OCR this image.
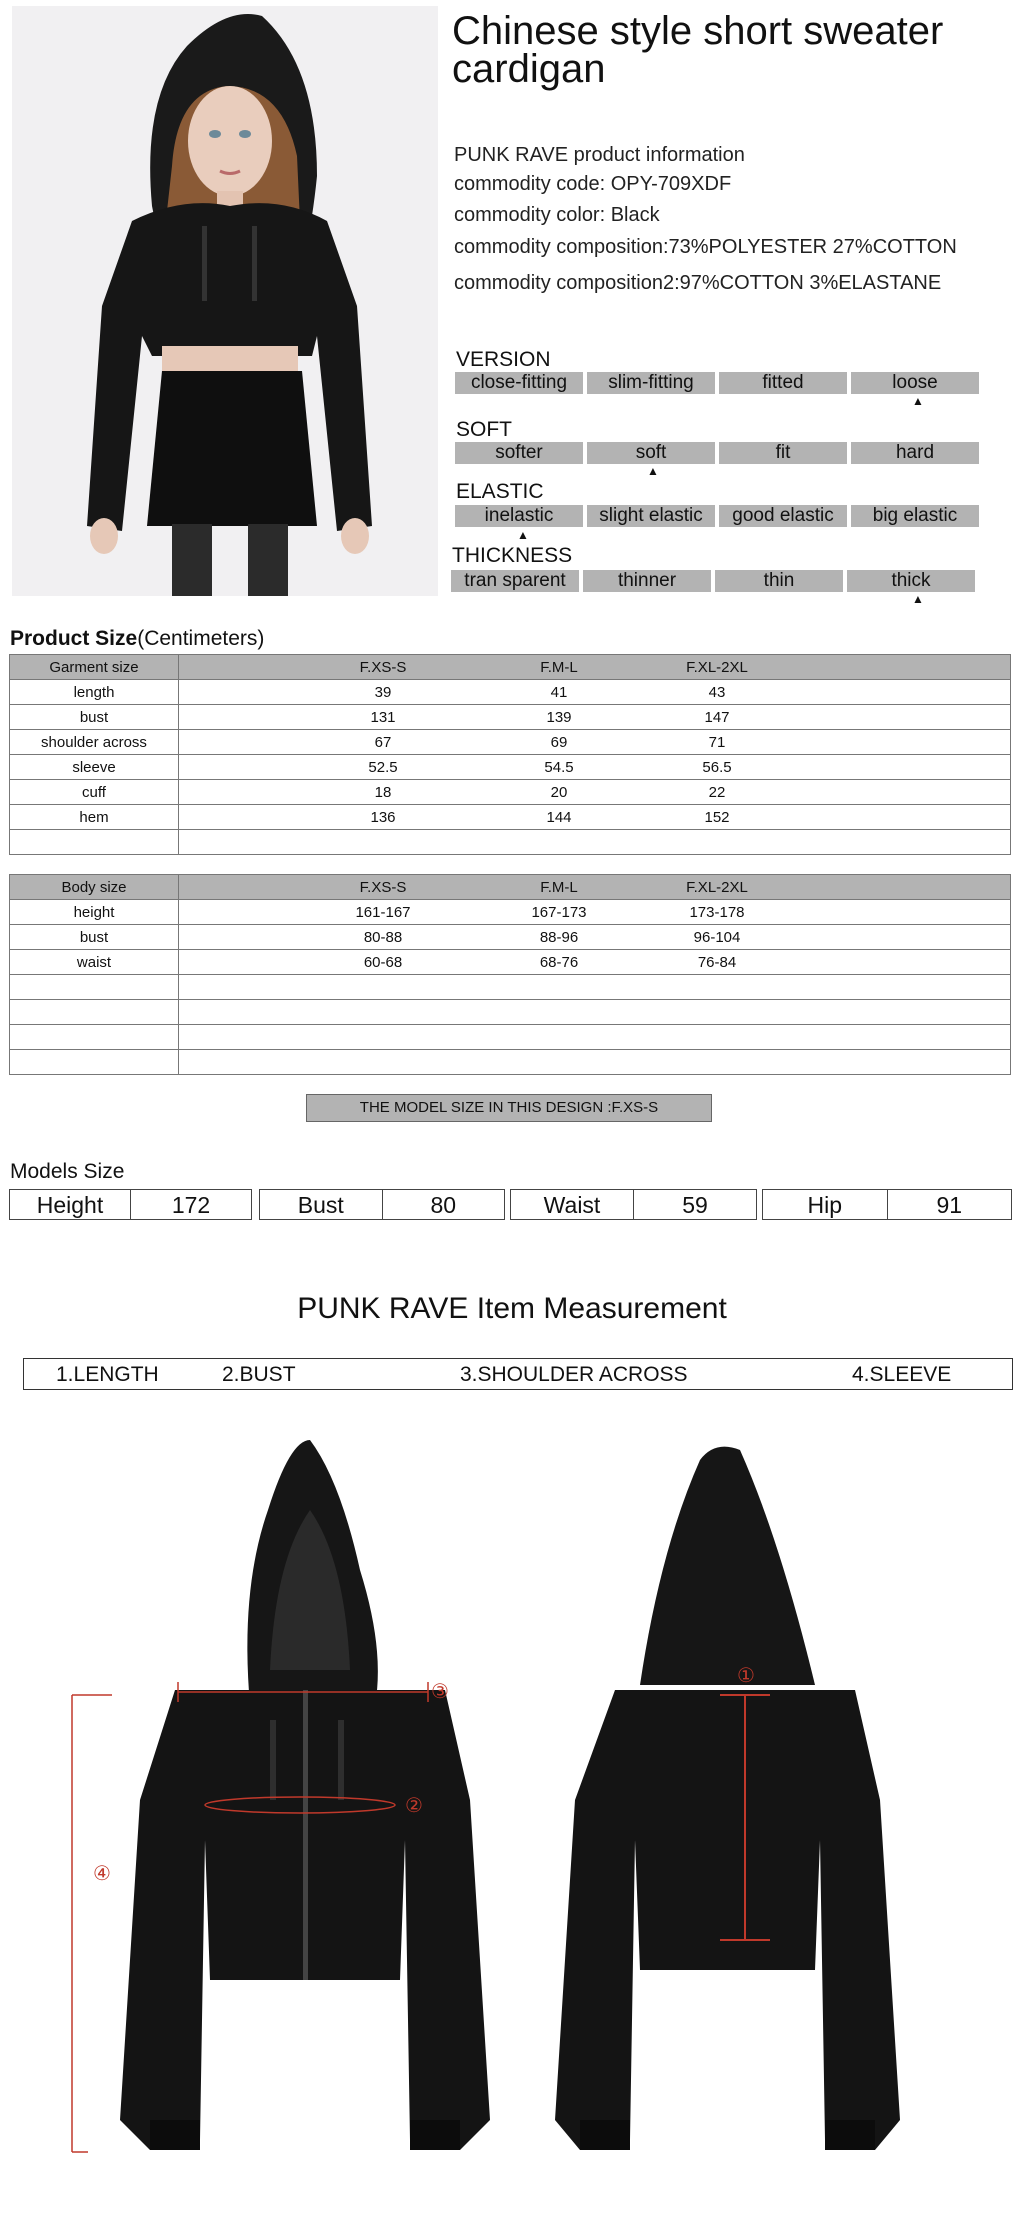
Chinese style short sweater cardigan
PUNK RAVE product information
commodity code: OPY-709XDF
commodity color: Black
commodity composition:73%POLYESTER 27%COTTON
commodity composition2:97%COTTON 3%ELASTANE
VERSION
close-fitting	slim-fitting	fitted	loose
▲
SOFT
softer	soft	fit	hard
▲
ELASTIC
inelastic	slight elastic	good elastic	big elastic
▲
THICKNESS
tran sparent	thinner	thin	thick
▲
Product Size(Centimeters)
Garment size	F.XS-S F.M-L F.XL-2XL

length	39 41 43

bust	131 139 147

shoulder across	67 69 71

sleeve	52.5 54.5 56.5

cuff	18 20 22

hem	136 144 152

Body size	F.XS-S F.M-L F.XL-2XL

height	161-167 167-173 173-178

bust	80-88 88-96 96-104

waist	60-68 68-76 76-84

THE MODEL SIZE IN THIS DESIGN :F.XS-S
Models Size
Height	172	Bust	80	Waist	59	Hip	91
PUNK RAVE Item Measurement
1.LENGTH	2.BUST	3.SHOULDER ACROSS	4.SLEEVE
①
②
③
④
